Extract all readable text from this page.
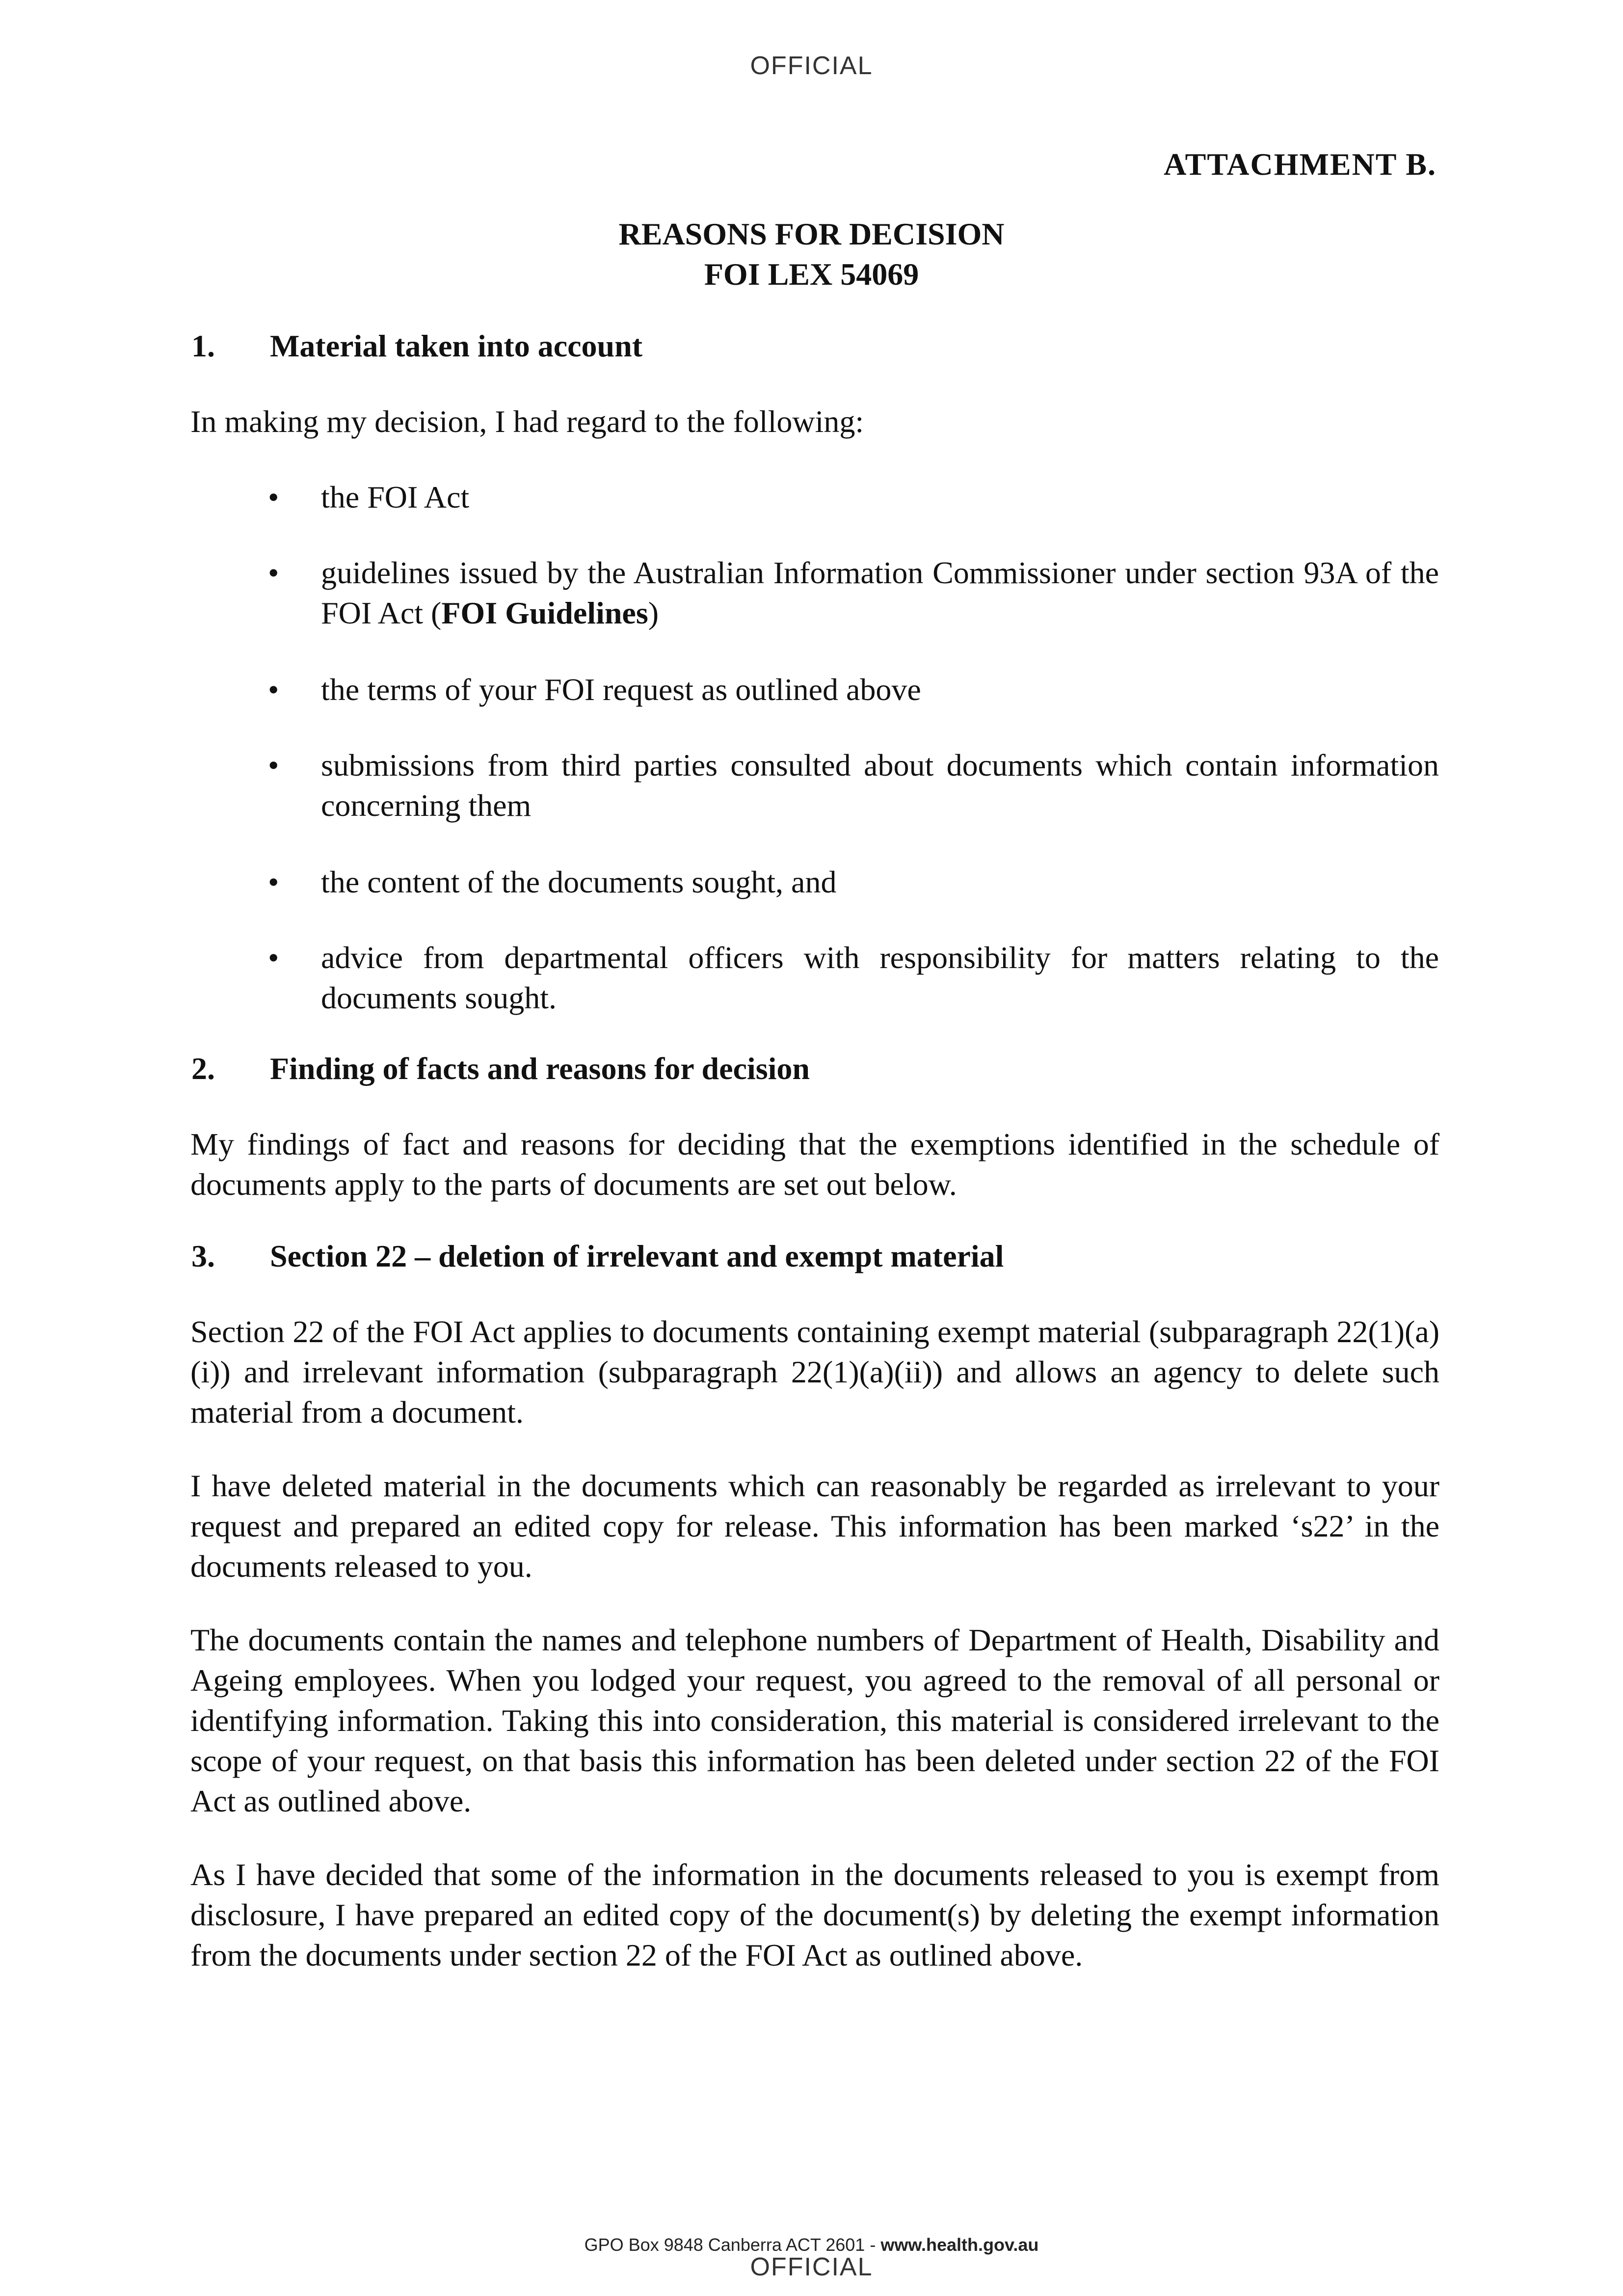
OFFICIAL
ATTACHMENT B.
REASONS FOR DECISION
FOI LEX 54069
1. Material taken into account
In making my decision, I had regard to the following:
• the FOI Act
• guidelines issued by the Australian Information Commissioner under section 93A of the FOI Act (FOI Guidelines)
• the terms of your FOI request as outlined above
• submissions from third parties consulted about documents which contain information concerning them
• the content of the documents sought, and
• advice from departmental officers with responsibility for matters relating to the documents sought.
2. Finding of facts and reasons for decision
My findings of fact and reasons for deciding that the exemptions identified in the schedule of documents apply to the parts of documents are set out below.
3. Section 22 – deletion of irrelevant and exempt material
Section 22 of the FOI Act applies to documents containing exempt material (subparagraph 22(1)(a)(i)) and irrelevant information (subparagraph 22(1)(a)(ii)) and allows an agency to delete such material from a document.
I have deleted material in the documents which can reasonably be regarded as irrelevant to your request and prepared an edited copy for release. This information has been marked ‘s22’ in the documents released to you.
The documents contain the names and telephone numbers of Department of Health, Disability and Ageing employees. When you lodged your request, you agreed to the removal of all personal or identifying information. Taking this into consideration, this material is considered irrelevant to the scope of your request, on that basis this information has been deleted under section 22 of the FOI Act as outlined above.
As I have decided that some of the information in the documents released to you is exempt from disclosure, I have prepared an edited copy of the document(s) by deleting the exempt information from the documents under section 22 of the FOI Act as outlined above.
GPO Box 9848 Canberra ACT 2601 - www.health.gov.au
OFFICIAL
